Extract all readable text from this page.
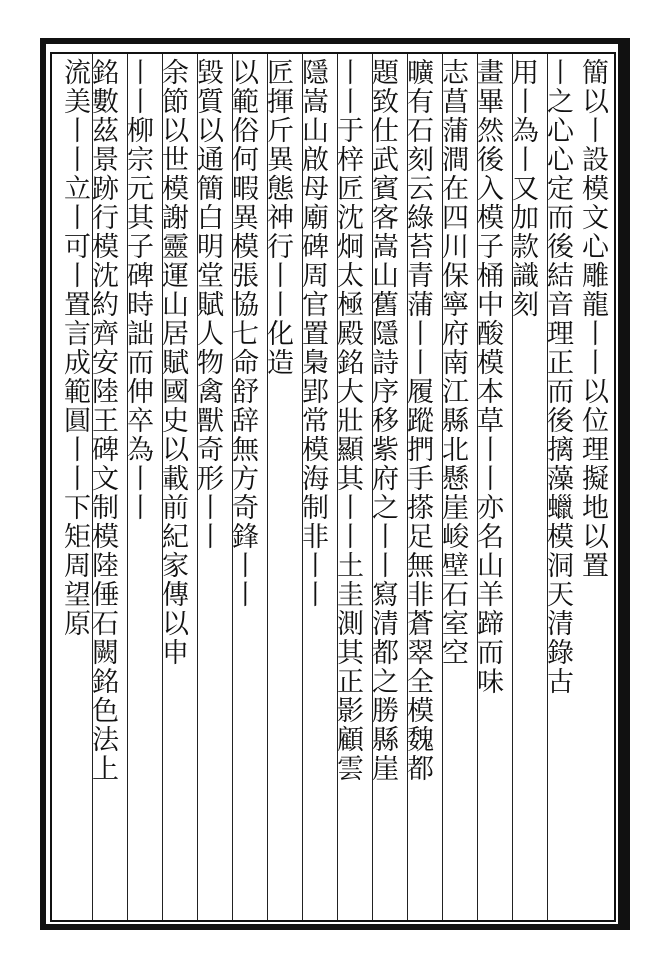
簡以丨設模文心雕龍丨丨以位理擬地以置
丨之心心定而後結音理正而後摛藻蠟模洞天清錄古
用丨為丨又加款識刻
畫畢然後入模子桶中酸模本草丨丨亦名山羊蹄而味
志菖蒲澗在四川保寧府南江縣北懸崖峻壁石室空
曠有石刻云綠苔青蒲丨丨履蹤捫手搽足無非蒼翠全模魏都
題致仕武賓客嵩山舊隱詩序移紫府之丨丨寫清都之勝縣崖
丨丨于梓匠沈炯太極殿銘大壯顯其丨丨土圭測其正影顧雲
隱嵩山啟母廟碑周官置梟郢常模海制非丨丨
匠揮斤異態神行丨丨化造
以範俗何暇異模張協七命舒辞無方奇鋒丨丨
毀質以通簡白明堂賦人物禽獸奇形丨丨
余節以世模謝靈運山居賦國史以載前紀家傳以申
丨丨柳宗元其子碑時詘而伸卒為丨丨
銘數茲景跡行模沈約齊安陸王碑文制模陸倕石闕銘色法上
流美丨丨立丨可丨置言成範圓丨丨下矩周望原
